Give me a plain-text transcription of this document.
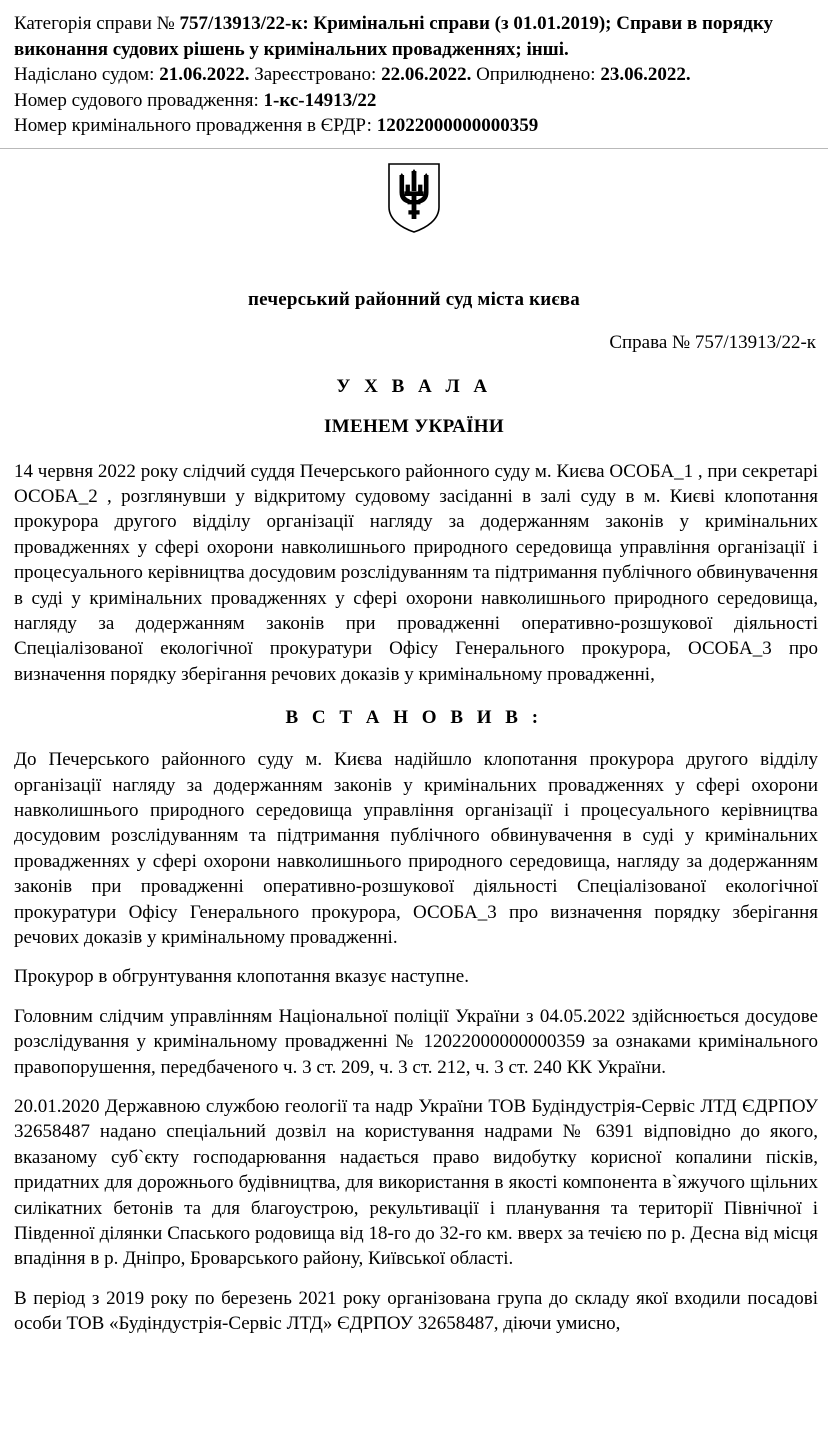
Категорія справи № 757/13913/22-к: Кримінальні справи (з 01.01.2019); Справи в порядку виконання судових рішень у кримінальних провадженнях; інші.
Надіслано судом: 21.06.2022. Зареєстровано: 22.06.2022. Оприлюднено: 23.06.2022.
Номер судового провадження: 1-кс-14913/22
Номер кримінального провадження в ЄРДР: 12022000000000359
печерський районний суд міста києва
Справа № 757/13913/22-к
У Х В А Л А
ІМЕНЕМ УКРАЇНИ

14 червня 2022 року слідчий суддя Печерського районного суду м. Києва ОСОБА_1 , при секретарі ОСОБА_2 , розглянувши у відкритому судовому засіданні в залі суду в м. Києві клопотання прокурора другого відділу організації нагляду за додержанням законів у кримінальних провадженнях у сфері охорони навколишнього природного середовища управління організації і процесуального керівництва досудовим розслідуванням та підтримання публічного обвинувачення в суді у кримінальних провадженнях у сфері охорони навколишнього природного середовища, нагляду за додержанням законів при провадженні оперативно-розшукової діяльності Спеціалізованої екологічної прокуратури Офісу Генерального прокурора, ОСОБА_3 про визначення порядку зберігання речових доказів у кримінальному провадженні,

В С Т А Н О В И В :

До Печерського районного суду м. Києва надійшло клопотання прокурора другого відділу організації нагляду за додержанням законів у кримінальних провадженнях у сфері охорони навколишнього природного середовища управління організації і процесуального керівництва досудовим розслідуванням та підтримання публічного обвинувачення в суді у кримінальних провадженнях у сфері охорони навколишнього природного середовища, нагляду за додержанням законів при провадженні оперативно-розшукової діяльності Спеціалізованої екологічної прокуратури Офісу Генерального прокурора, ОСОБА_3 про визначення порядку зберігання речових доказів у кримінальному провадженні.

Прокурор в обгрунтування клопотання вказує наступне.

Головним слідчим управлінням Національної поліції України з 04.05.2022 здійснюється досудове розслідування у кримінальному провадженні № 12022000000000359 за ознаками кримінального правопорушення, передбаченого ч. 3 ст. 209, ч. 3 ст. 212, ч. 3 ст. 240 КК України.

20.01.2020 Державною службою геології та надр України ТОВ Будіндустрія-Сервіс ЛТД ЄДРПОУ 32658487 надано спеціальний дозвіл на користування надрами № 6391 відповідно до якого, вказаному суб`єкту господарювання надається право видобутку корисної копалини пісків, придатних для дорожнього будівництва, для використання в якості компонента в`яжучого щільних силікатних бетонів та для благоустрою, рекультивації і планування та території Північної і Південної ділянки Спаського родовища від 18-го до 32-го км. вверх за течією по р. Десна від місця впадіння в р. Дніпро, Броварського району, Київської області.

В період з 2019 року по березень 2021 року організована група до складу якої входили посадові особи ТОВ «Будіндустрія-Сервіс ЛТД» ЄДРПОУ 32658487, діючи умисно,
